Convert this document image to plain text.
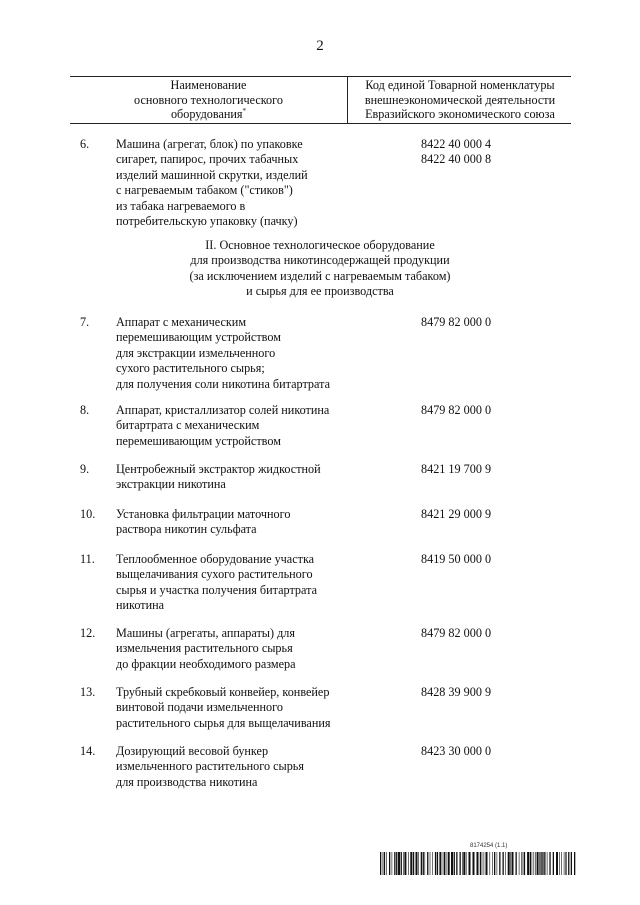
2
Наименование
основного технологического
оборудования*
Код единой Товарной номенклатуры
внешнеэкономической деятельности
Евразийского экономического союза
6.	Машина (агрегат, блок) по упаковке
сигарет, папирос, прочих табачных
изделий машинной скрутки, изделий
с нагреваемым табаком ("стиков")
из табака нагреваемого в
потребительскую упаковку (пачку)
8422 40 000 4
8422 40 000 8
II. Основное технологическое оборудование
для производства никотинсодержащей продукции
(за исключением изделий с нагреваемым табаком)
и сырья для ее производства
7.	Аппарат с механическим
перемешивающим устройством
для экстракции измельченного
сухого растительного сырья;
для получения соли никотина битартрата
8479 82 000 0
8.	Аппарат, кристаллизатор солей никотина
битартрата с механическим
перемешивающим устройством
8479 82 000 0
9.	Центробежный экстрактор жидкостной
экстракции никотина
8421 19 700 9
10.	Установка фильтрации маточного
раствора никотин сульфата
8421 29 000 9
11.	Теплообменное оборудование участка
выщелачивания сухого растительного
сырья и участка получения битартрата
никотина
8419 50 000 0
12.	Машины (агрегаты, аппараты) для
измельчения растительного сырья
до фракции необходимого размера
8479 82 000 0
13.	Трубный скребковый конвейер, конвейер
винтовой подачи измельченного
растительного сырья для выщелачивания
8428 39 900 9
14.	Дозирующий весовой бункер
измельченного растительного сырья
для производства никотина
8423 30 000 0
8174254 (1.1)
